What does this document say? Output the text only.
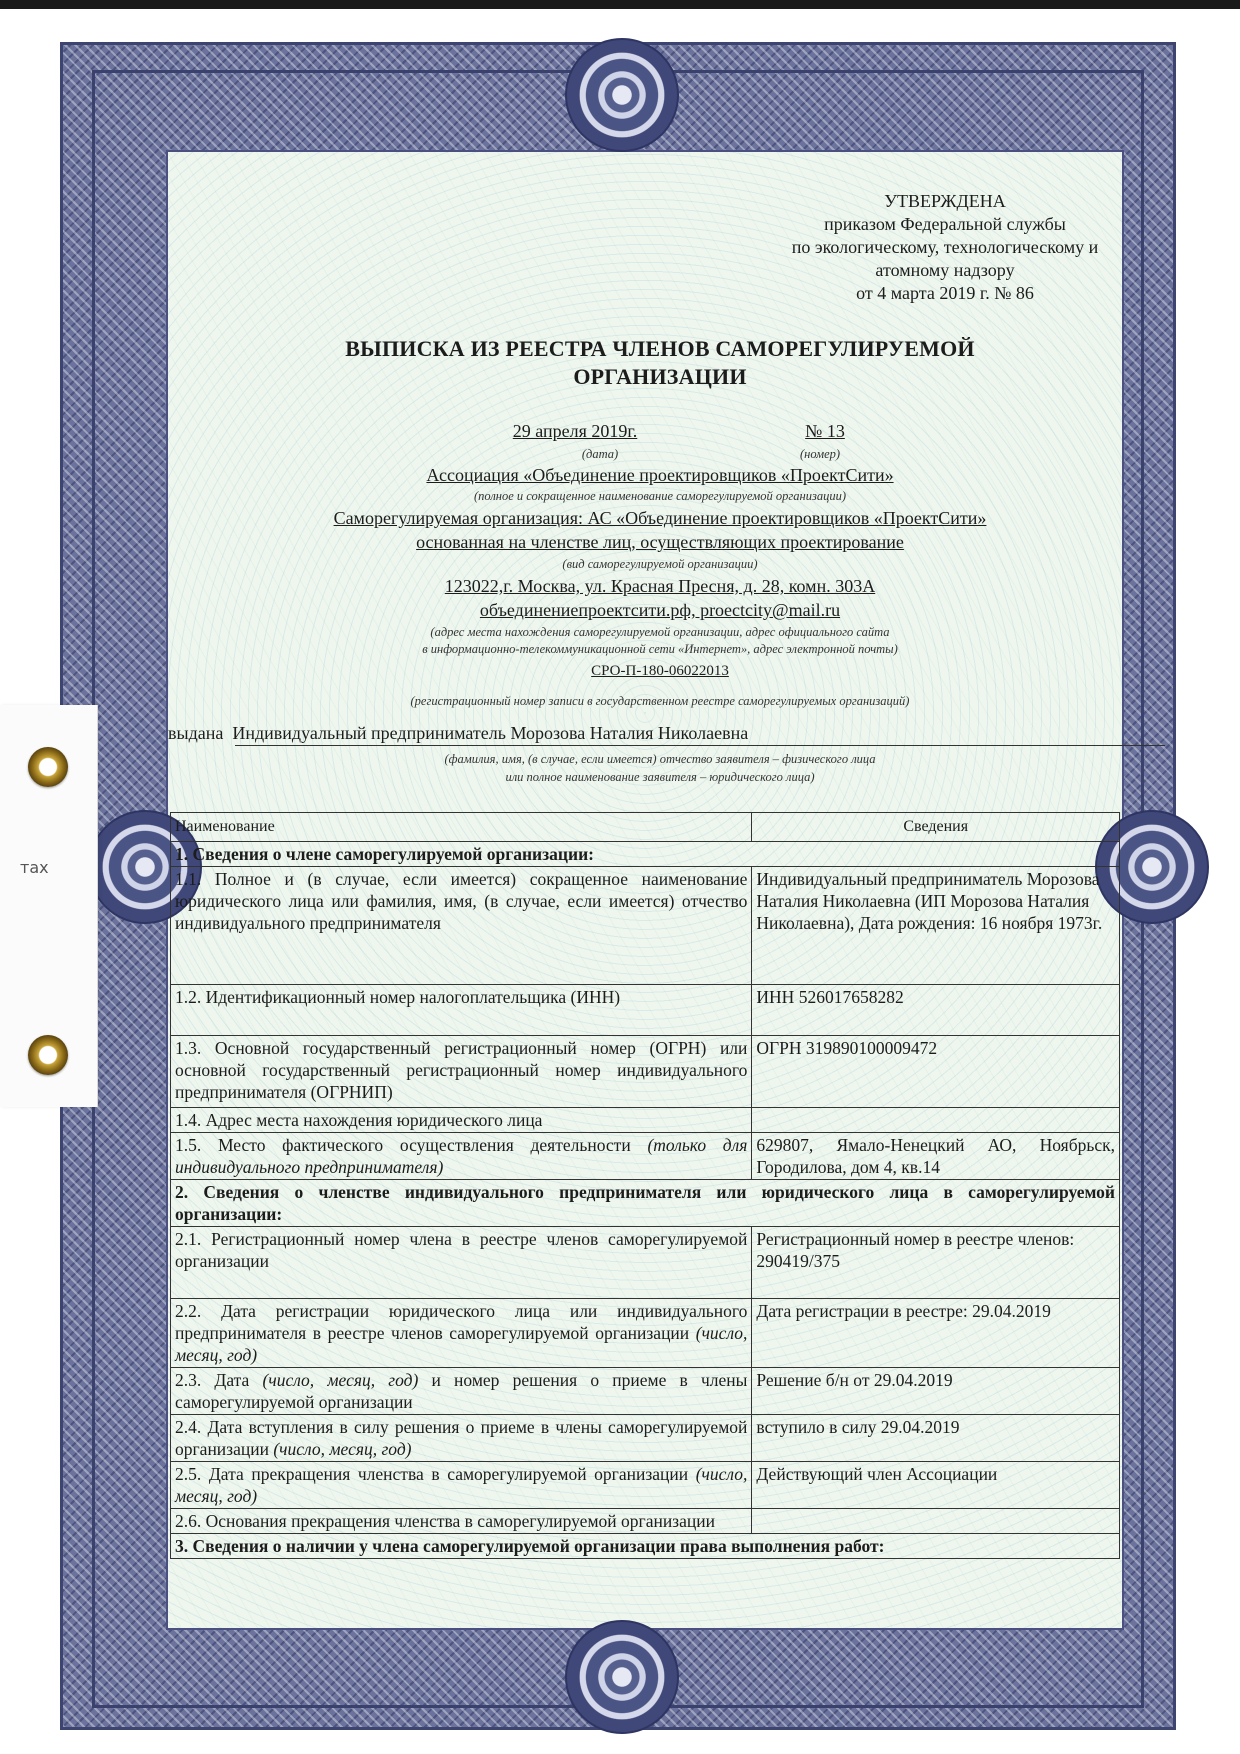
тах
УТВЕРЖДЕНА
приказом Федеральной службы
по экологическому, технологическому и
атомному надзору
от 4 марта 2019 г. № 86
ВЫПИСКА ИЗ РЕЕСТРА ЧЛЕНОВ САМОРЕГУЛИРУЕМОЙ
ОРГАНИЗАЦИИ
29 апреля 2019г.	№ 13
(дата)	(номер)
Ассоциация «Объединение проектировщиков «ПроектСити»
(полное и сокращенное наименование саморегулируемой организации)
Саморегулируемая организация: АС «Объединение проектировщиков «ПроектСити»
основанная на членстве лиц, осуществляющих проектирование
(вид саморегулируемой организации)
123022,г. Москва, ул. Красная Пресня, д. 28, комн. 303А
объединениепроектсити.рф, proectcity@mail.ru
(адрес места нахождения саморегулируемой организации, адрес официального сайта
в информационно-телекоммуникационной сети «Интернет», адрес электронной почты)
СРО-П-180-06022013
(регистрационный номер записи в государственном реестре саморегулируемых организаций)
выдана Индивидуальный предприниматель Морозова Наталия Николаевна
(фамилия, имя, (в случае, если имеется) отчество заявителя – физического лица
или полное наименование заявителя – юридического лица)
Наименование	Сведения
1. Сведения о члене саморегулируемой организации:	
1.1. Полное и (в случае, если имеется) сокращенное наименование юридического лица или фамилия, имя, (в случае, если имеется) отчество индивидуального предпринимателя	Индивидуальный предприниматель Морозова Наталия Николаевна (ИП Морозова Наталия Николаевна), Дата рождения: 16 ноября 1973г.
1.2. Идентификационный номер налогоплательщика (ИНН)	ИНН 526017658282
1.3. Основной государственный регистрационный номер (ОГРН) или основной государственный регистрационный номер индивидуального предпринимателя (ОГРНИП)	ОГРН 319890100009472
1.4. Адрес места нахождения юридического лица	
1.5. Место фактического осуществления деятельности (только для индивидуального предпринимателя)	629807, Ямало-Ненецкий АО, Ноябрьск, Городилова, дом 4, кв.14
2. Сведения о членстве индивидуального предпринимателя или юридического лица в саморегулируемой организации:	
2.1. Регистрационный номер члена в реестре членов саморегулируемой организации	Регистрационный номер в реестре членов: 290419/375
2.2. Дата регистрации юридического лица или индивидуального предпринимателя в реестре членов саморегулируемой организации (число, месяц, год)	Дата регистрации в реестре: 29.04.2019
2.3. Дата (число, месяц, год) и номер решения о приеме в члены саморегулируемой организации	Решение б/н от 29.04.2019
2.4. Дата вступления в силу решения о приеме в члены саморегулируемой организации (число, месяц, год)	вступило в силу 29.04.2019
2.5. Дата прекращения членства в саморегулируемой организации (число, месяц, год)	Действующий член Ассоциации
2.6. Основания прекращения членства в саморегулируемой организации	
3. Сведения о наличии у члена саморегулируемой организации права выполнения работ:	
